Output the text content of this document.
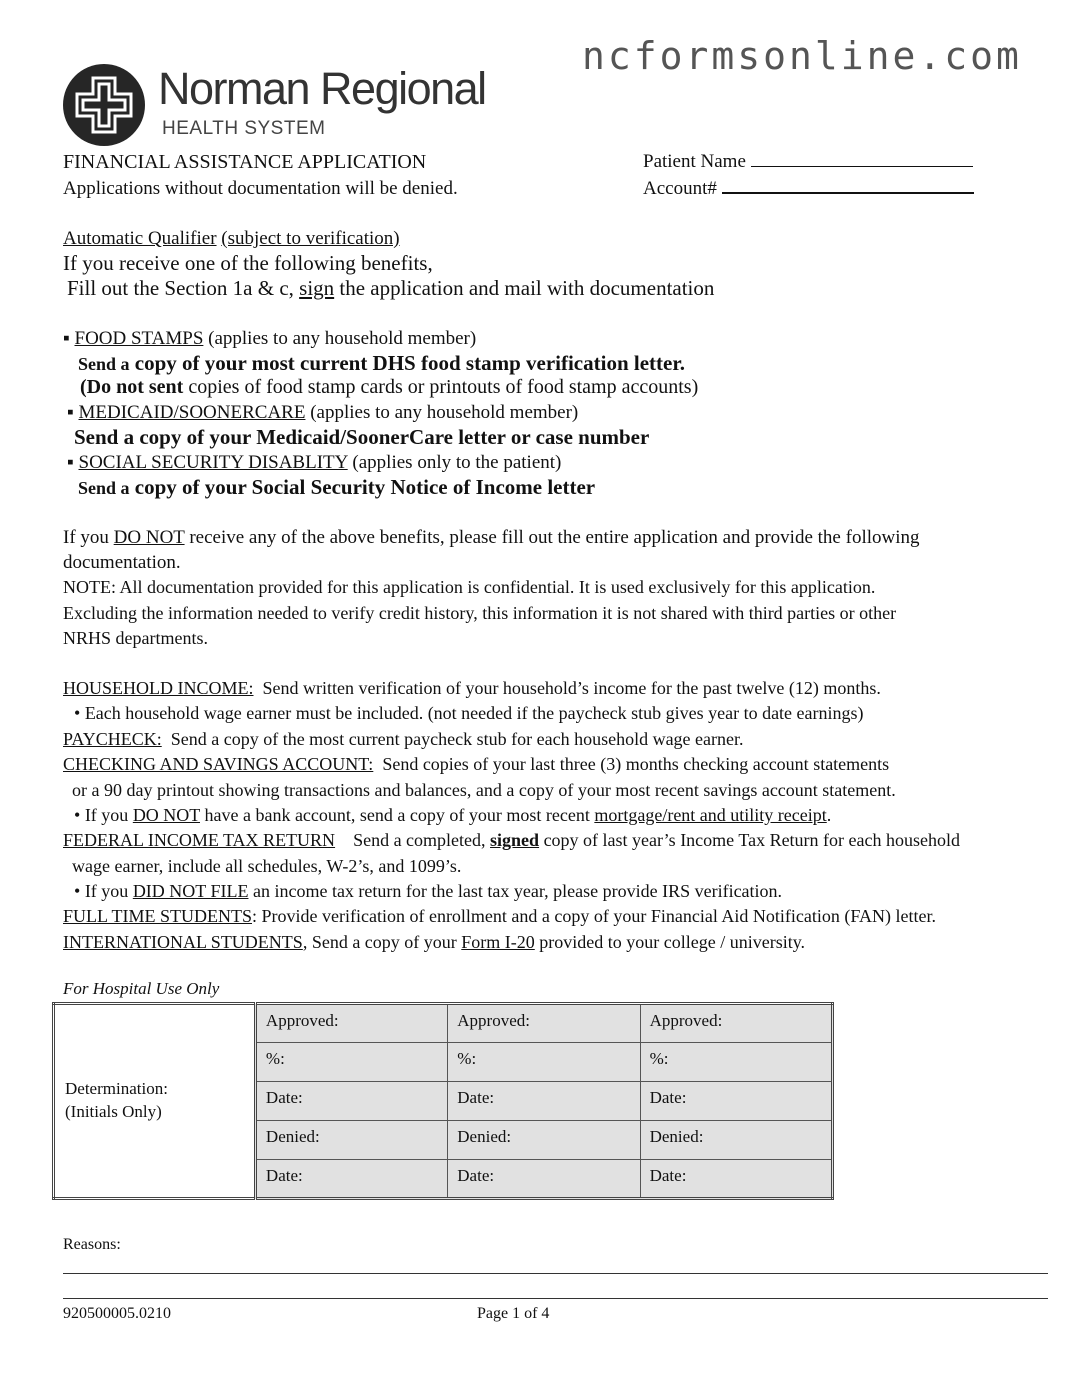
ncformsonline.com
Norman Regional
HEALTH SYSTEM
FINANCIAL ASSISTANCE APPLICATION
Applications without documentation will be denied.
Patient Name
Account#
Automatic Qualifier (subject to verification)
If you receive one of the following benefits,
Fill out the Section 1a & c, sign the application and mail with documentation
▪ FOOD STAMPS (applies to any household member)
Send a copy of your most current DHS food stamp verification letter.
(Do not sent copies of food stamp cards or printouts of food stamp accounts)
▪ MEDICAID/SOONERCARE (applies to any household member)
Send a copy of your Medicaid/SoonerCare letter or case number
▪ SOCIAL SECURITY DISABLITY (applies only to the patient)
Send a copy of your Social Security Notice of Income letter
If you DO NOT receive any of the above benefits, please fill out the entire application and provide the following
documentation.
NOTE: All documentation provided for this application is confidential. It is used exclusively for this application.
Excluding the information needed to verify credit history, this information it is not shared with third parties or other
NRHS departments.
HOUSEHOLD INCOME: Send written verification of your household’s income for the past twelve (12) months.
• Each household wage earner must be included. (not needed if the paycheck stub gives year to date earnings)
PAYCHECK: Send a copy of the most current paycheck stub for each household wage earner.
CHECKING AND SAVINGS ACCOUNT: Send copies of your last three (3) months checking account statements
or a 90 day printout showing transactions and balances, and a copy of your most recent savings account statement.
• If you DO NOT have a bank account, send a copy of your most recent mortgage/rent and utility receipt.
FEDERAL INCOME TAX RETURN Send a completed, signed copy of last year’s Income Tax Return for each household
wage earner, include all schedules, W-2’s, and 1099’s.
• If you DID NOT FILE an income tax return for the last tax year, please provide IRS verification.
FULL TIME STUDENTS: Provide verification of enrollment and a copy of your Financial Aid Notification (FAN) letter.
INTERNATIONAL STUDENTS, Send a copy of your Form I-20 provided to your college / university.
For Hospital Use Only
Determination:
(Initials Only)	Approved:	Approved:	Approved:
	%:	%:	%:
	Date:	Date:	Date:
	Denied:	Denied:	Denied:
	Date:	Date:	Date:
Reasons:
920500005.0210	Page 1 of 4
